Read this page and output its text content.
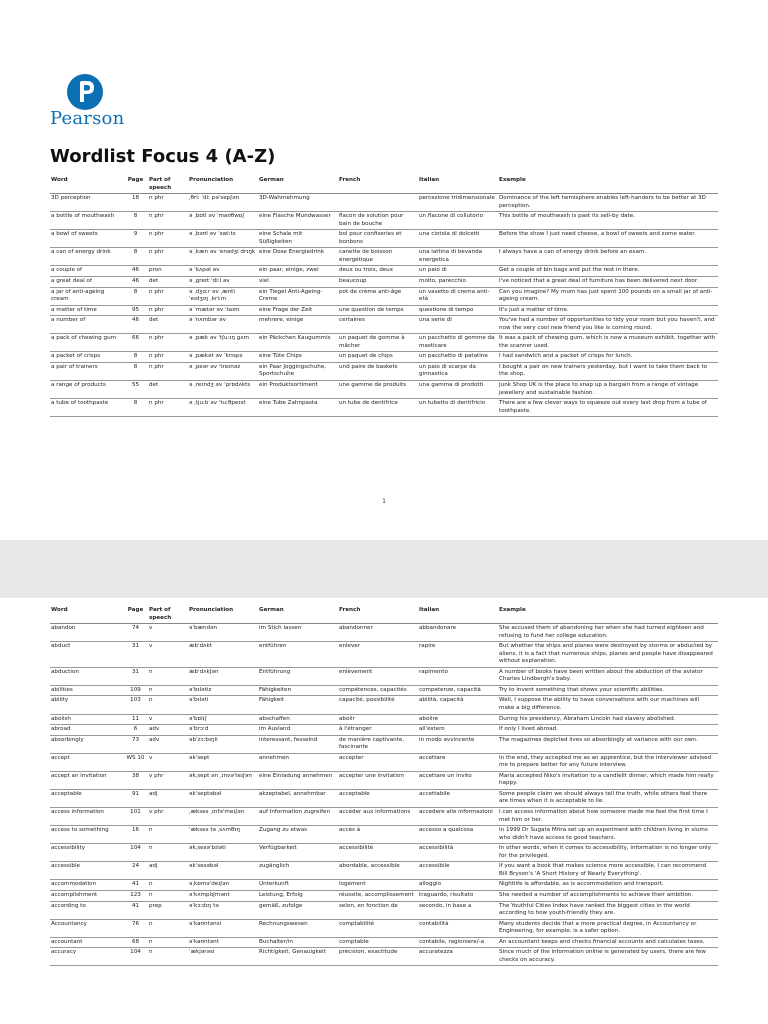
Pearson
Wordlist Focus 4 (A-Z)
Word	Page	Part of speech	Pronunciation	German	French	Italian	Example
3D perception	18	n phr	ˌθriː ˈdiː pəˈsepʃən	3D-Wahrnehmung		percezione tridimensionale	Dominance of the left hemisphere enables left-handers to be better at 3D perception.
a bottle of mouthwash	8	n phr	ə ˌbɒtl əv ˈmaʊθwɒʃ	eine Flasche Mundwasser	flacon de solution pour bain de bouche	un flacone di collutorio	This bottle of mouthwash is past its sell-by date.
a bowl of sweets	9	n phr	ə ˌbəʊl əv ˈswiːts	eine Schale mit Süßigkeiten	bol pour confiseries et bonbons	una ciotola di dolcetti	Before the show I just need cheese, a bowl of sweets and some water.
a can of energy drink	8	n phr	ə ˌkæn əv ˈenədʒi drɪŋk	eine Dose Energiedrink	canette de boisson énergétique	una lattina di bevanda energetica	I always have a can of energy drink before an exam.
a couple of	46	pron	ə ˈkʌpəl əv	ein paar, einige, zwei	deux ou trois, deux	un paio di	Get a couple of bin bags and put the rest in there.
a great deal of	46	det	ə ˌɡreɪt ˈdiːl əv	viel	beaucoup	molto, parecchio	I've noticed that a great deal of furniture has been delivered next door.
a jar of anti-ageing cream	8	n phr	ə ˌdʒɑːr əv ˌænti ˈeɪdʒɪŋ ˌkriːm	ein Tiegel Anti-Ageing-Creme	pot de crème anti-âge	un vasetto di crema anti-età	Can you imagine? My mum has just spent 100 pounds on a small jar of anti-ageing cream.
a matter of time	95	n phr	ə ˈmætər əv ˈtaɪm	eine Frage der Zeit	une question de temps	questione di tempo	It's just a matter of time.
a number of	46	det	ə ˈnʌmbər əv	mehrere, einige	certaines	una serie di	You've had a number of opportunities to tidy your room but you haven't, and now the very cool new friend you like is coming round.
a pack of chewing gum	66	n phr	ə ˌpæk əv ˈtʃuːɪŋ ɡʌm	ein Päckchen Kaugummis	un paquet de gomme à mâcher	un pacchetto di gomme da masticare	It was a pack of chewing gum, which is now a museum exhibit, together with the scanner used.
a packet of crisps	8	n phr	ə ˌpækət əv ˈkrɪsps	eine Tüte Chips	un paquet de chips	un pacchetto di patatine	I had sandwich and a packet of crisps for lunch.
a pair of trainers	8	n phr	ə ˌpeər əv ˈtreɪnəz	ein Paar Joggingschuhe, Sportschuhe	und paire de baskets	un paio di scarpe da ginnastica	I bought a pair on new trainers yesterday, but I want to take them back to the shop.
a range of products	55	det	ə ˌreɪndʒ əv ˈprɒdʌkts	ein Produktsortiment	une gamme de produits	una gamma di prodotti	Junk Shop UK is the place to snap up a bargain from a range of vintage jewellery and sustainable fashion.
a tube of toothpaste	8	n phr	ə ˌtjuːb əv ˈtuːθpeɪst	eine Tube Zahnpasta	un tube de dentifrice	un tubetto di dentifricio	There are a few clever ways to squeeze out every last drop from a tube of toothpaste.
1
Word	Page	Part of speech	Pronunciation	German	French	Italian	Example
abandon	74	v	əˈbændən	im Stich lassen	abandonner	abbandonare	She accused them of abandoning her when she had turned eighteen and refusing to fund her college education.
abduct	31	v	æbˈdʌkt	entführen	enlever	rapire	But whether the ships and planes were destroyed by storms or abducted by aliens, it is a fact that numerous ships, planes and people have disappeared without explanation.
abduction	31	n	æbˈdʌkʃən	Entführung	enlèvement	rapimento	A number of books have been written about the abduction of the aviator Charles Lindbergh's baby.
abilities	109	n	əˈbɪlətiz	Fähigkeiten	compétences, capacités	competenze, capacità	Try to invent something that shows your scientific abilities.
ability	103	n	əˈbɪləti	Fähigkeit	capacité, possibilité	abilità, capacità	Well, I suppose the ability to have conversations with our machines will make a big difference.
abolish	11	v	əˈbɒlɪʃ	abschaffen	abolir	abolire	During his presidency, Abraham Lincoln had slavery abolished.
abroad	6	adv	əˈbrɔːd	im Ausland	à l'étranger	all'estero	If only I lived abroad.
absorbingly	73	adv	əbˈzɔːbɪŋli	interessant, fesselnd	de manière captivante, fascinante	in modo avvincente	The magazines depicted lives so absorbingly at variance with our own.
accept	WS 10	v	əkˈsept	annehmen	accepter	accettare	In the end, they accepted me as an apprentice, but the interviewer advised me to prepare better for any future interview.
accept an invitation	38	v phr	əkˌsept ən ˌɪnvəˈteɪʃən	eine Einladung annehmen	accepter une invitation	accettare un invito	Maria accepted Niko's invitation to a candlelit dinner, which made him really happy.
acceptable	91	adj	əkˈseptəbəl	akzeptabel, annehmbar	acceptable	accettabile	Some people claim we should always tell the truth, while others feel there are times when it is acceptable to lie.
access information	101	v phr	ˌækses ˌɪnfəˈmeɪʃən	auf Information zugreifen	accéder aux informations	accedere alle informazioni	I can access information about how someone made me feel the first time I met him or her.
access to something	16	n	ˈækses tə ˌsʌmθɪŋ	Zugang zu etwas	accès à	accesso a qualcosa	In 1999 Dr Sugata Mitra set up an experiment with children living in slums who didn't have access to good teachers.
accessibility	104	n	əkˌsesəˈbɪləti	Verfügbarkeit	accessibilité	accessibilità	In other words, when it comes to accessibility, information is no longer only for the privileged.
accessible	24	adj	əkˈsesəbəl	zugänglich	abordable, accessible	accessibile	If you want a book that makes science more accessible, I can recommend Bill Bryson's 'A Short History of Nearly Everything'.
accommodation	41	n	əˌkɒməˈdeɪʃən	Unterkunft	logement	alloggio	Nightlife is affordable, as is accommodation and transport.
accomplishment	123	n	əˈkʌmplɪʃmənt	Leistung, Erfolg	réussite, accomplissement	traguardo, risultato	She needed a number of accomplishments to achieve their ambition.
according to	41	prep	əˈkɔːdɪŋ tə	gemäß, zufolge	selon, en fonction de	secondo, in base a	The Youthful Cities Index have ranked the biggest cities in the world according to how youth-friendly they are.
Accountancy	76	n	əˈkaʊntənsi	Rechnungswesen	comptabilité	contabilità	Many students decide that a more practical degree, in Accountancy or Engineering, for example, is a safer option.
accountant	68	n	əˈkaʊntənt	Buchalter/in	comptable	contabile, ragioniere/-a	An accountant keeps and checks financial accounts and calculates taxes.
accuracy	104	n	ˈækjərəsi	Richtigkeit, Genauigkeit	précision, exactitude	accuratezza	Since much of the information online is generated by users, there are few checks on accuracy.
